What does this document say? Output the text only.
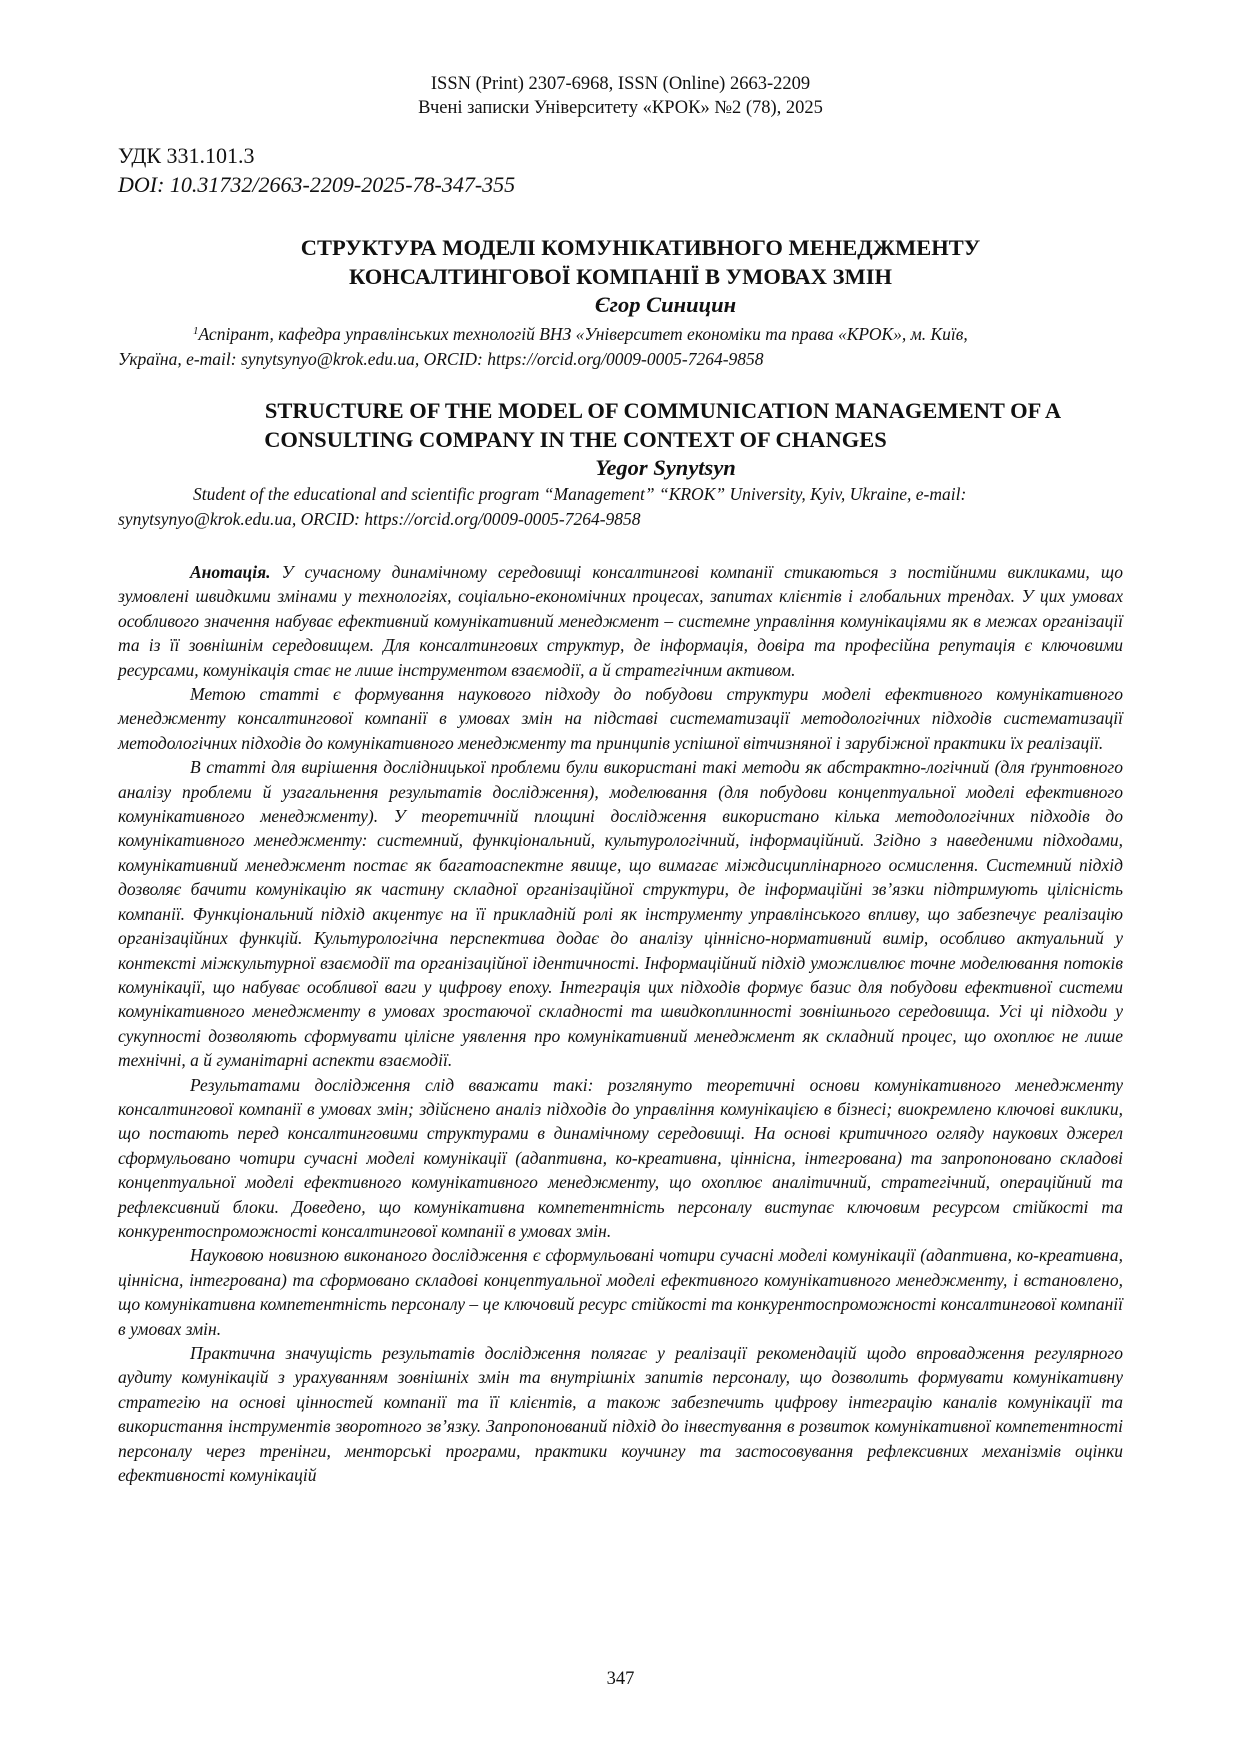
ISSN (Print) 2307-6968, ISSN (Online) 2663-2209
Вчені записки Університету «КРОК» №2 (78), 2025
УДК 331.101.3
DOI: 10.31732/2663-2209-2025-78-347-355
СТРУКТУРА МОДЕЛІ КОМУНІКАТИВНОГО МЕНЕДЖМЕНТУ
КОНСАЛТИНГОВОЇ КОМПАНІЇ В УМОВАХ ЗМІН
Єгор Синицин
$^1$Аспірант, кафедра управлінських технологій ВНЗ «Університет економіки та права «КРОК», м. Київ,
Україна, e-mail: synytsynyo@krok.edu.ua, ORCID: https://orcid.org/0009-0005-7264-9858
STRUCTURE OF THE MODEL OF COMMUNICATION MANAGEMENT OF A
CONSULTING COMPANY IN THE CONTEXT OF CHANGES
Yegor Synytsyn
Student of the educational and scientific program “Management” “KROK” University, Kyiv, Ukraine, e-mail:
synytsynyo@krok.edu.ua, ORCID: https://orcid.org/0009-0005-7264-9858

Анотація. У сучасному динамічному середовищі консалтингові компанії стикаються з постійними викликами, що зумовлені швидкими змінами у технологіях, соціально-економічних процесах, запитах клієнтів і глобальних трендах. У цих умовах особливого значення набуває ефективний комунікативний менеджмент – системне управління комунікаціями як в межах організації та із її зовнішнім середовищем. Для консалтингових структур, де інформація, довіра та професійна репутація є ключовими ресурсами, комунікація стає не лише інструментом взаємодії, а й стратегічним активом.

Метою статті є формування наукового підходу до побудови структури моделі ефективного комунікативного менеджменту консалтингової компанії в умовах змін на підставі систематизації методологічних підходів систематизації методологічних підходів до комунікативного менеджменту та принципів успішної вітчизняної і зарубіжної практики їх реалізації.

В статті для вирішення дослідницької проблеми були використані такі методи як абстрактно-логічний (для ґрунтовного аналізу проблеми й узагальнення результатів дослідження), моделювання (для побудови концептуальної моделі ефективного комунікативного менеджменту). У теоретичній площині дослідження використано кілька методологічних підходів до комунікативного менеджменту: системний, функціональний, культурологічний, інформаційний. Згідно з наведеними підходами, комунікативний менеджмент постає як багатоаспектне явище, що вимагає міждисциплінарного осмислення. Системний підхід дозволяє бачити комунікацію як частину складної організаційної структури, де інформаційні зв’язки підтримують цілісність компанії. Функціональний підхід акцентує на її прикладній ролі як інструменту управлінського впливу, що забезпечує реалізацію організаційних функцій. Культурологічна перспектива додає до аналізу ціннісно-нормативний вимір, особливо актуальний у контексті міжкультурної взаємодії та організаційної ідентичності. Інформаційний підхід уможливлює точне моделювання потоків комунікації, що набуває особливої ваги у цифрову епоху. Інтеграція цих підходів формує базис для побудови ефективної системи комунікативного менеджменту в умовах зростаючої складності та швидкоплинності зовнішнього середовища. Усі ці підходи у сукупності дозволяють сформувати цілісне уявлення про комунікативний менеджмент як складний процес, що охоплює не лише технічні, а й гуманітарні аспекти взаємодії.

Результатами дослідження слід вважати такі: розглянуто теоретичні основи комунікативного менеджменту консалтингової компанії в умовах змін; здійснено аналіз підходів до управління комунікацією в бізнесі; виокремлено ключові виклики, що постають перед консалтинговими структурами в динамічному середовищі. На основі критичного огляду наукових джерел сформульовано чотири сучасні моделі комунікації (адаптивна, ко-креативна, ціннісна, інтегрована) та запропоновано складові концептуальної моделі ефективного комунікативного менеджменту, що охоплює аналітичний, стратегічний, операційний та рефлексивний блоки. Доведено, що комунікативна компетентність персоналу виступає ключовим ресурсом стійкості та конкурентоспроможності консалтингової компанії в умовах змін.

Науковою новизною виконаного дослідження є сформульовані чотири сучасні моделі комунікації (адаптивна, ко-креативна, ціннісна, інтегрована) та сформовано складові концептуальної моделі ефективного комунікативного менеджменту, і встановлено, що комунікативна компетентність персоналу – це ключовий ресурс стійкості та конкурентоспроможності консалтингової компанії в умовах змін.

Практична значущість результатів дослідження полягає у реалізації рекомендацій щодо впровадження регулярного аудиту комунікацій з урахуванням зовнішніх змін та внутрішніх запитів персоналу, що дозволить формувати комунікативну стратегію на основі цінностей компанії та її клієнтів, а також забезпечить цифрову інтеграцію каналів комунікації та використання інструментів зворотного зв’язку. Запропонований підхід до інвестування в розвиток комунікативної компетентності персоналу через тренінги, менторські програми, практики коучингу та застосовування рефлексивних механізмів оцінки ефективності комунікацій

347
